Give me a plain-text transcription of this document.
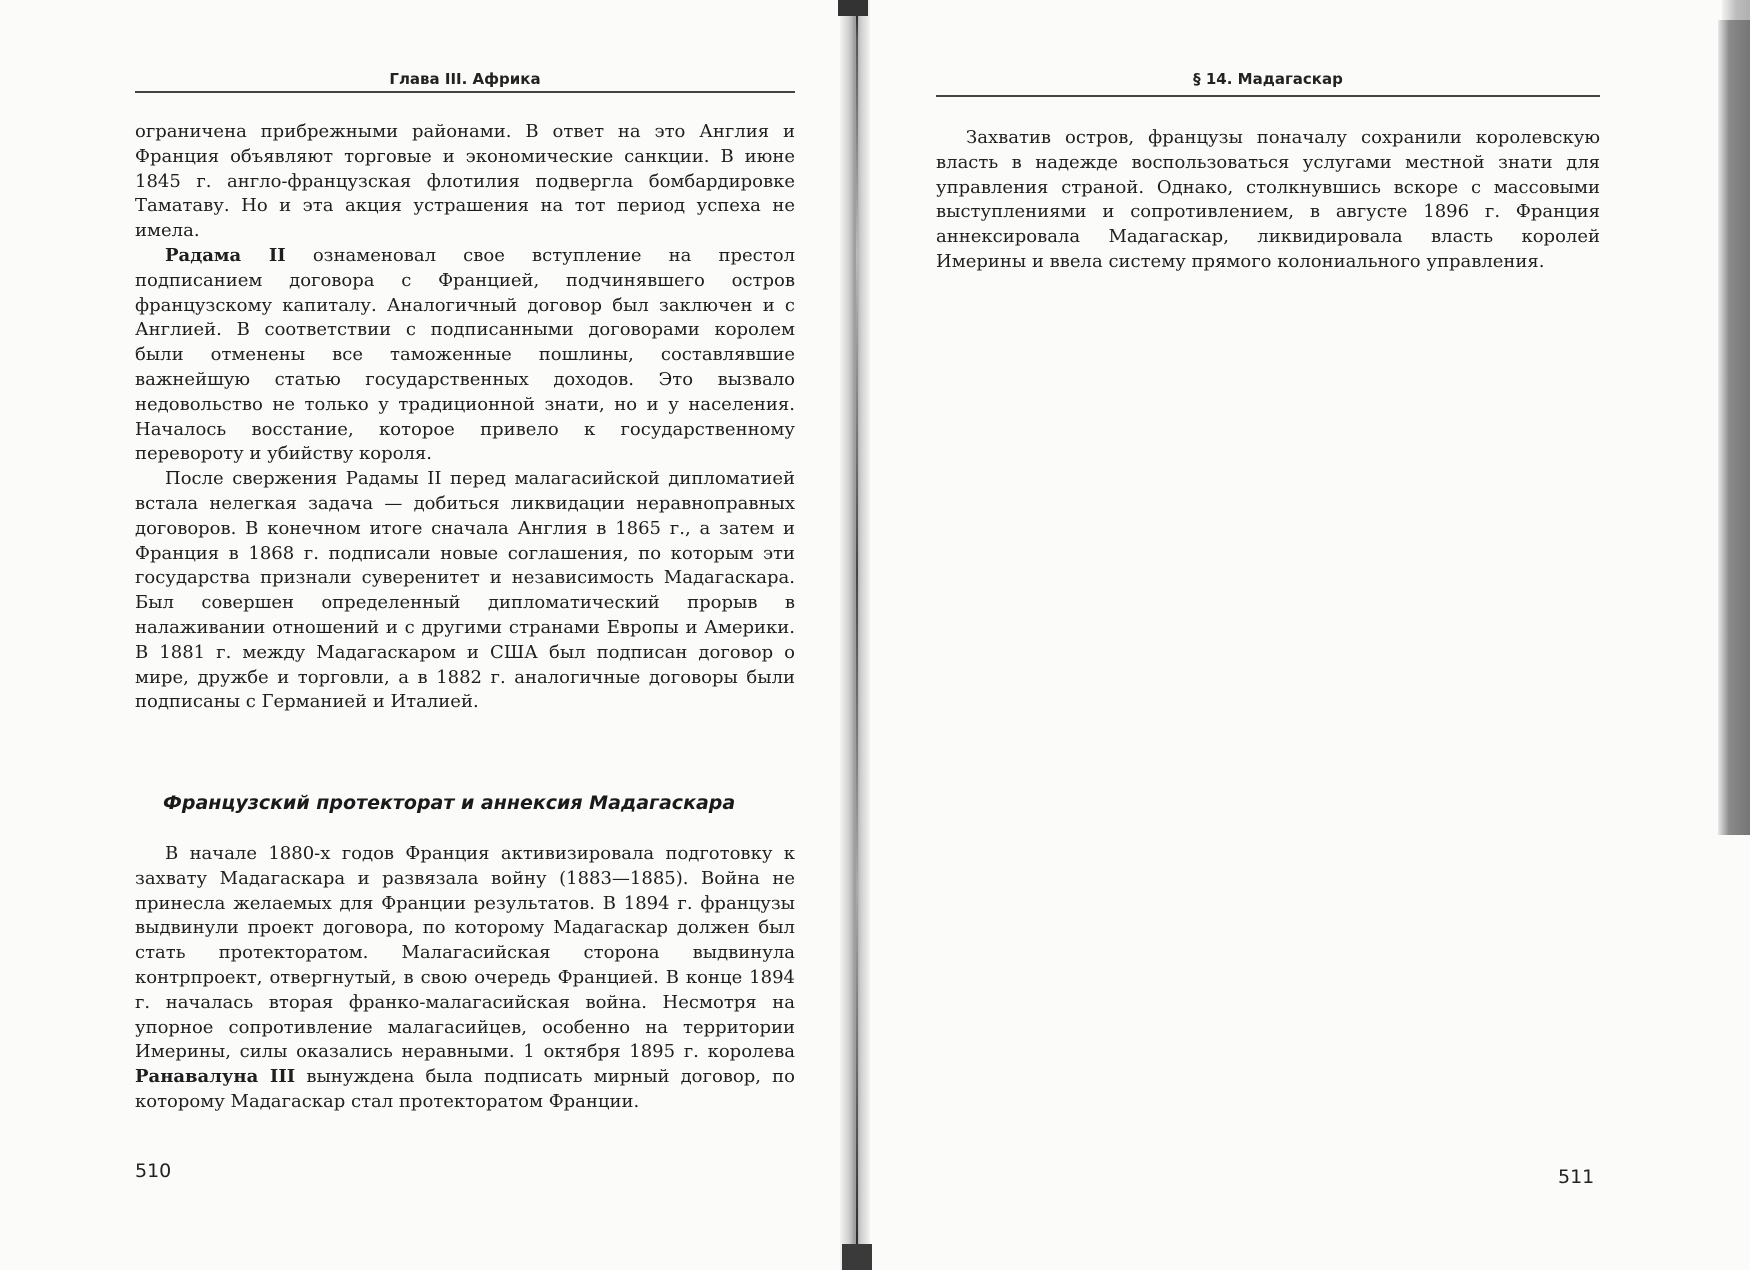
Глава III. Африка

ограничена прибрежными районами. В ответ на это Англия и Франция объявляют торговые и экономические санкции. В июне 1845 г. англо-французская флотилия подвергла бомбардировке Таматаву. Но и эта акция устрашения на тот период успеха не имела.

Радама II ознаменовал свое вступление на престол подписанием договора с Францией, подчинявшего остров французскому капиталу. Аналогичный договор был заключен и с Англией. В соответствии с подписанными договорами королем были отменены все таможенные пошлины, составлявшие важнейшую статью государственных доходов. Это вызвало недовольство не только у традиционной знати, но и у населения. Началось восстание, которое привело к государственному перевороту и убийству короля.

После свержения Радамы II перед малагасийской дипломатией встала нелегкая задача — добиться ликвидации неравноправных договоров. В конечном итоге сначала Англия в 1865 г., а затем и Франция в 1868 г. подписали новые соглашения, по которым эти государства признали суверенитет и независимость Мадагаскара. Был совершен определенный дипломатический прорыв в налаживании отношений и с другими странами Европы и Америки. В 1881 г. между Мадагаскаром и США был подписан договор о мире, дружбе и торговли, а в 1882 г. аналогичные договоры были подписаны с Германией и Италией.

Французский протекторат и аннексия Мадагаскара

В начале 1880-х годов Франция активизировала подготовку к захвату Мадагаскара и развязала войну (1883—1885). Война не принесла желаемых для Франции результатов. В 1894 г. французы выдвинули проект договора, по которому Мадагаскар должен был стать протекторатом. Малагасийская сторона выдвинула контрпроект, отвергнутый, в свою очередь Францией. В конце 1894 г. началась вторая франко-малагасийская война. Несмотря на упорное сопротивление малагасийцев, особенно на территории Имерины, силы оказались неравными. 1 октября 1895 г. королева Ранавалуна III вынуждена была подписать мирный договор, по которому Мадагаскар стал протекторатом Франции.

510
§ 14. Мадагаскар

Захватив остров, французы поначалу сохранили королевскую власть в надежде воспользоваться услугами местной знати для управления страной. Однако, столкнувшись вскоре с массовыми выступлениями и сопротивлением, в августе 1896 г. Франция аннексировала Мадагаскар, ликвидировала власть королей Имерины и ввела систему прямого колониального управления.

511
